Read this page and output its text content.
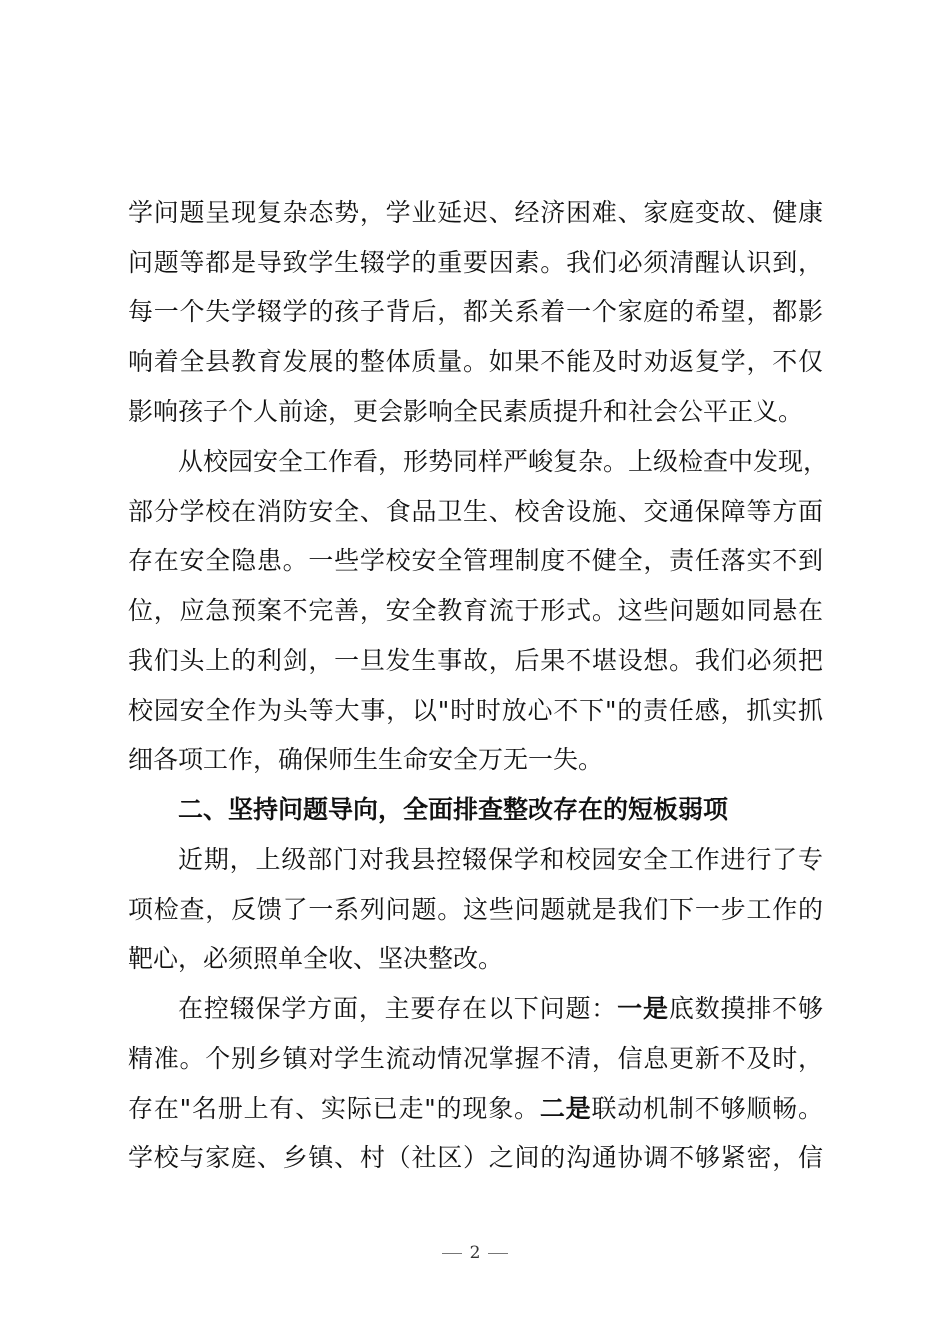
学问题呈现复杂态势，学业延迟、经济困难、家庭变故、健康
问题等都是导致学生辍学的重要因素。我们必须清醒认识到，
每一个失学辍学的孩子背后，都关系着一个家庭的希望，都影
响着全县教育发展的整体质量。如果不能及时劝返复学，不仅
影响孩子个人前途，更会影响全民素质提升和社会公平正义。
从校园安全工作看，形势同样严峻复杂。上级检查中发现，
部分学校在消防安全、食品卫生、校舍设施、交通保障等方面
存在安全隐患。一些学校安全管理制度不健全，责任落实不到
位，应急预案不完善，安全教育流于形式。这些问题如同悬在
我们头上的利剑，一旦发生事故，后果不堪设想。我们必须把
校园安全作为头等大事，以"时时放心不下"的责任感，抓实抓
细各项工作，确保师生生命安全万无一失。
二、坚持问题导向，全面排查整改存在的短板弱项
近期，上级部门对我县控辍保学和校园安全工作进行了专
项检查，反馈了一系列问题。这些问题就是我们下一步工作的
靶心，必须照单全收、坚决整改。
在控辍保学方面，主要存在以下问题：一是底数摸排不够
精准。个别乡镇对学生流动情况掌握不清，信息更新不及时，
存在"名册上有、实际已走"的现象。二是联动机制不够顺畅。
学校与家庭、乡镇、村（社区）之间的沟通协调不够紧密，信
2
